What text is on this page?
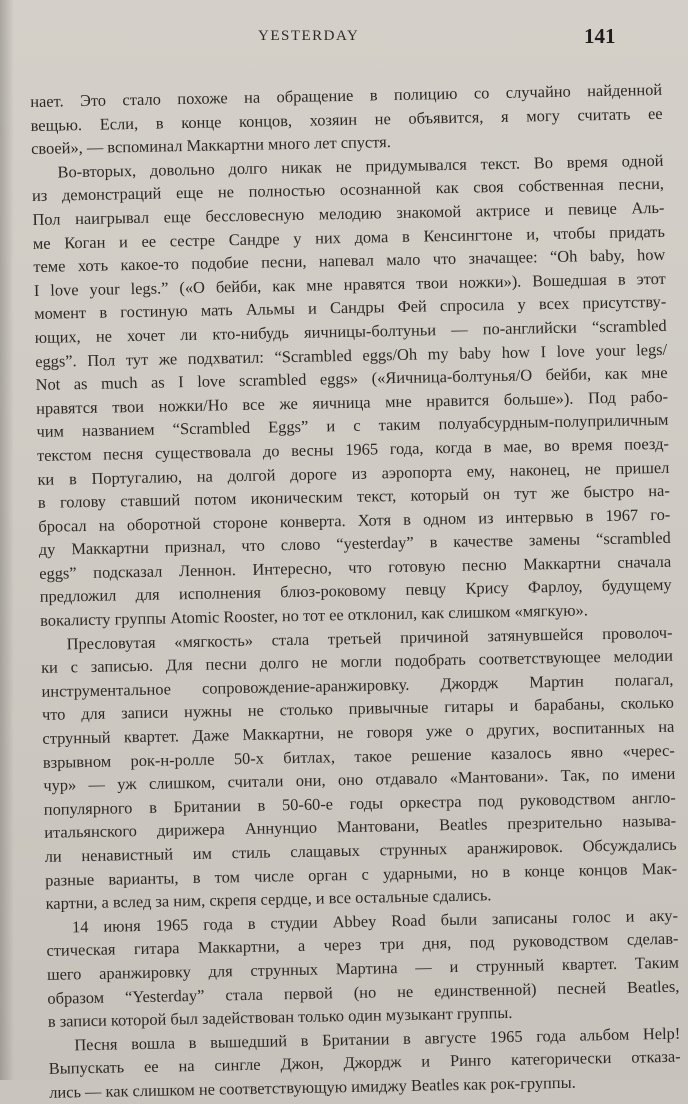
YESTERDAY	141
нает. Это стало похоже на обращение в полицию со случайно найденной
вещью. Если, в конце концов, хозяин не объявится, я могу считать ее
своей», — вспоминал Маккартни много лет спустя.
Во-вторых, довольно долго никак не придумывался текст. Во время одной
из демонстраций еще не полностью осознанной как своя собственная песни,
Пол наигрывал еще бессловесную мелодию знакомой актрисе и певице Аль-
ме Коган и ее сестре Сандре у них дома в Кенсингтоне и, чтобы придать
теме хоть какое-то подобие песни, напевал мало что значащее: “Oh baby, how
I love your legs.” («О бейби, как мне нравятся твои ножки»). Вошедшая в этот
момент в гостиную мать Альмы и Сандры Фей спросила у всех присутству-
ющих, не хочет ли кто-нибудь яичницы-болтуньи — по-английски “scrambled
eggs”. Пол тут же подхватил: “Scrambled eggs/Oh my baby how I love your legs/
Not as much as I love scrambled eggs» («Яичница-болтунья/О бейби, как мне
нравятся твои ножки/Но все же яичница мне нравится больше»). Под рабо-
чим названием “Scrambled Eggs” и с таким полуабсурдным-полуприличным
текстом песня существовала до весны 1965 года, когда в мае, во время поезд-
ки в Португалию, на долгой дороге из аэропорта ему, наконец, не пришел
в голову ставший потом иконическим текст, который он тут же быстро на-
бросал на оборотной стороне конверта. Хотя в одном из интервью в 1967 го-
ду Маккартни признал, что слово “yesterday” в качестве замены “scrambled
eggs” подсказал Леннон. Интересно, что готовую песню Маккартни сначала
предложил для исполнения блюз-роковому певцу Крису Фарлоу, будущему
вокалисту группы Atomic Rooster, но тот ее отклонил, как слишком «мягкую».
Пресловутая «мягкость» стала третьей причиной затянувшейся проволоч-
ки с записью. Для песни долго не могли подобрать соответствующее мелодии
инструментальное сопровождение-аранжировку. Джордж Мартин полагал,
что для записи нужны не столько привычные гитары и барабаны, сколько
струнный квартет. Даже Маккартни, не говоря уже о других, воспитанных на
взрывном рок-н-ролле 50-х битлах, такое решение казалось явно «черес-
чур» — уж слишком, считали они, оно отдавало «Мантовани». Так, по имени
популярного в Британии в 50-60-е годы оркестра под руководством англо-
итальянского дирижера Аннунцио Мантовани, Beatles презрительно называ-
ли ненавистный им стиль слащавых струнных аранжировок. Обсуждались
разные варианты, в том числе орган с ударными, но в конце концов Мак-
картни, а вслед за ним, скрепя сердце, и все остальные сдались.
14 июня 1965 года в студии Abbey Road были записаны голос и аку-
стическая гитара Маккартни, а через три дня, под руководством сделав-
шего аранжировку для струнных Мартина — и струнный квартет. Таким
образом “Yesterday” стала первой (но не единственной) песней Beatles,
в записи которой был задействован только один музыкант группы.
Песня вошла в вышедший в Британии в августе 1965 года альбом Help!
Выпускать ее на сингле Джон, Джордж и Ринго категорически отказа-
лись — как слишком не соответствующую имиджу Beatles как рок-группы.
